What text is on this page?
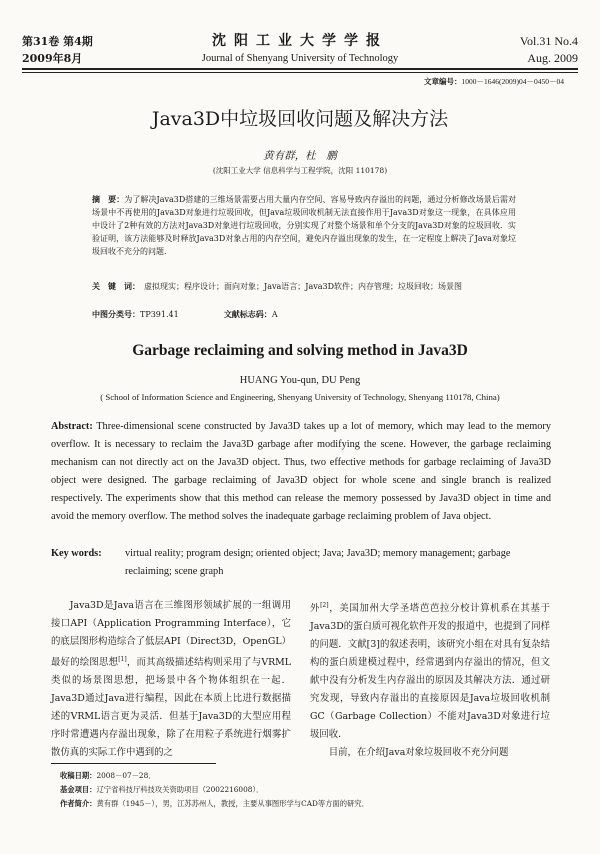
第31卷 第4期
2009年8月
沈阳工业大学学报
Journal of Shenyang University of Technology
Vol.31 No.4
Aug. 2009
文章编号：1000－1646(2009)04－0450－04
Java3D中垃圾回收问题及解决方法
黄有群，杜　鹏
(沈阳工业大学 信息科学与工程学院，沈阳 110178)
摘　要：为了解决Java3D搭建的三维场景需要占用大量内存空间、容易导致内存溢出的问题，通过分析修改场景后需对场景中不再使用的Java3D对象进行垃圾回收，但Java垃圾回收机制无法直接作用于Java3D对象这一现象，在具体应用中设计了2种有效的方法对Java3D对象进行垃圾回收，分别实现了对整个场景和单个分支的Java3D对象的垃圾回收．实验证明，该方法能够及时释放Java3D对象占用的内存空间，避免内存溢出现象的发生，在一定程度上解决了Java对象垃圾回收不充分的问题．
关　键　词： 虚拟现实；程序设计；面向对象；Java语言；Java3D软件；内存管理；垃圾回收；场景图
中图分类号：TP391.41	文献标志码：A
Garbage reclaiming and solving method in Java3D
HUANG You-qun, DU Peng
( School of Information Science and Engineering, Shenyang University of Technology, Shenyang 110178, China)
Abstract: Three-dimensional scene constructed by Java3D takes up a lot of memory, which may lead to the memory overflow. It is necessary to reclaim the Java3D garbage after modifying the scene. However, the garbage reclaiming mechanism can not directly act on the Java3D object. Thus, two effective methods for garbage reclaiming of Java3D object were designed. The garbage reclaiming of Java3D object for whole scene and single branch is realized respectively. The experiments show that this method can release the memory possessed by Java3D object in time and avoid the memory overflow. The method solves the inadequate garbage reclaiming problem of Java object.
Key words:	virtual reality; program design; oriented object; Java; Java3D; memory management; garbage reclaiming; scene graph

Java3D是Java语言在三维图形领域扩展的一组调用接口API（Application Programming Interface），它的底层图形构造综合了低层API（Direct3D，OpenGL）最好的绘图思想[1]，而其高级描述结构则采用了与VRML类似的场景图思想，把场景中各个物体组织在一起．Java3D通过Java进行编程，因此在本质上比进行数据描述的VRML语言更为灵活．但基于Java3D的大型应用程序时常遭遇内存溢出现象，除了在用粒子系统进行烟雾扩散仿真的实际工作中遇到的之

外[2]，美国加州大学圣塔芭芭拉分校计算机系在其基于Java3D的蛋白质可视化软件开发的报道中，也提到了同样的问题．文献[3]的叙述表明，该研究小组在对具有复杂结构的蛋白质建模过程中，经常遇到内存溢出的情况，但文献中没有分析发生内存溢出的原因及其解决方法．通过研究发现，导致内存溢出的直接原因是Java垃圾回收机制GC（Garbage Collection）不能对Java3D对象进行垃圾回收．

目前，在介绍Java对象垃圾回收不充分问题

收稿日期：2008－07－28．
基金项目：辽宁省科技厅科技攻关资助项目（2002216008）．
作者简介：黄有群（1945－），男，江苏苏州人，教授，主要从事图形学与CAD等方面的研究．
